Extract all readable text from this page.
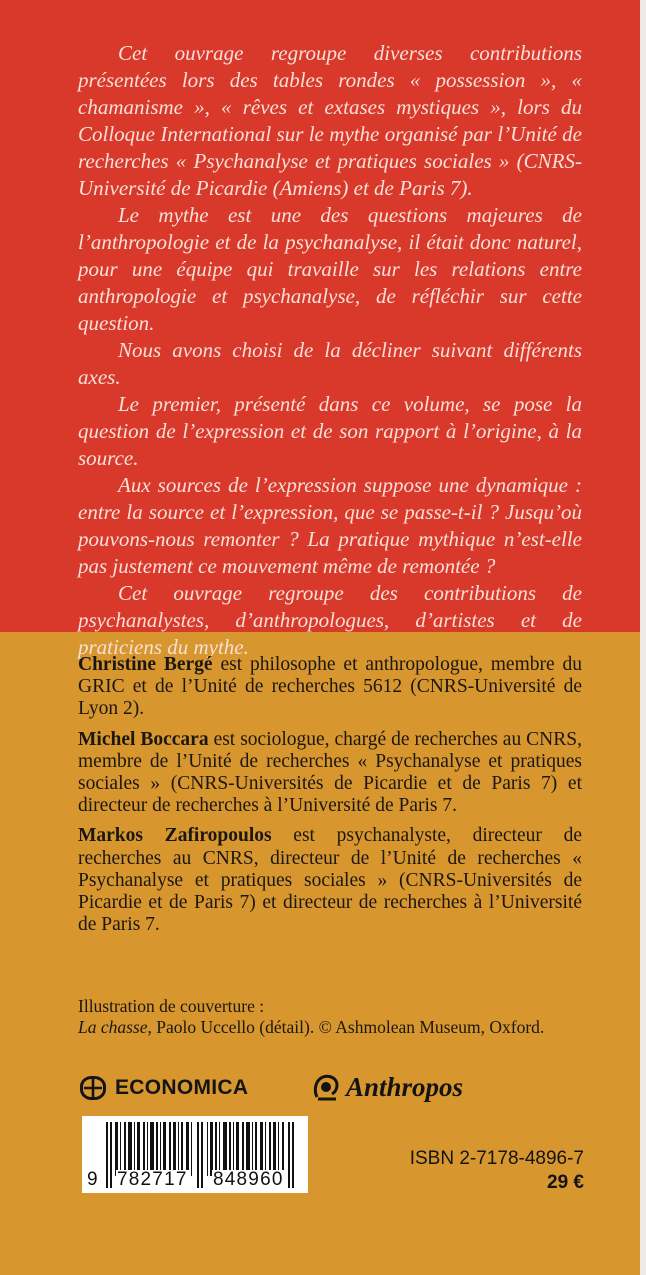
Cet ouvrage regroupe diverses contributions présentées lors des tables rondes « possession », « chamanisme », « rêves et extases mystiques », lors du Colloque International sur le mythe organisé par l’Unité de recherches « Psychanalyse et pratiques sociales » (CNRS-Université de Picardie (Amiens) et de Paris 7).

Le mythe est une des questions majeures de l’anthropologie et de la psychanalyse, il était donc naturel, pour une équipe qui travaille sur les relations entre anthropologie et psychanalyse, de réfléchir sur cette question.

Nous avons choisi de la décliner suivant différents axes.

Le premier, présenté dans ce volume, se pose la question de l’expression et de son rapport à l’origine, à la source.

Aux sources de l’expression suppose une dynamique : entre la source et l’expression, que se passe-t-il ? Jusqu’où pouvons-nous remonter ? La pratique mythique n’est-elle pas justement ce mouvement même de remontée ?

Cet ouvrage regroupe des contributions de psychanalystes, d’anthropologues, d’artistes et de praticiens du mythe.

Christine Bergé est philosophe et anthropologue, membre du GRIC et de l’Unité de recherches 5612 (CNRS-Université de Lyon 2).

Michel Boccara est sociologue, chargé de recherches au CNRS, membre de l’Unité de recherches « Psychanalyse et pratiques sociales » (CNRS-Universités de Picardie et de Paris 7) et directeur de recherches à l’Université de Paris 7.

Markos Zafiropoulos est psychanalyste, directeur de recherches au CNRS, directeur de l’Unité de recherches « Psychanalyse et pratiques sociales » (CNRS-Universités de Picardie et de Paris 7) et directeur de recherches à l’Université de Paris 7.

Illustration de couverture :

La chasse, Paolo Uccello (détail). © Ashmolean Museum, Oxford.

ECONOMICA	Anthropos
9 782717 848960
ISBN 2-7178-4896-7
29 €
